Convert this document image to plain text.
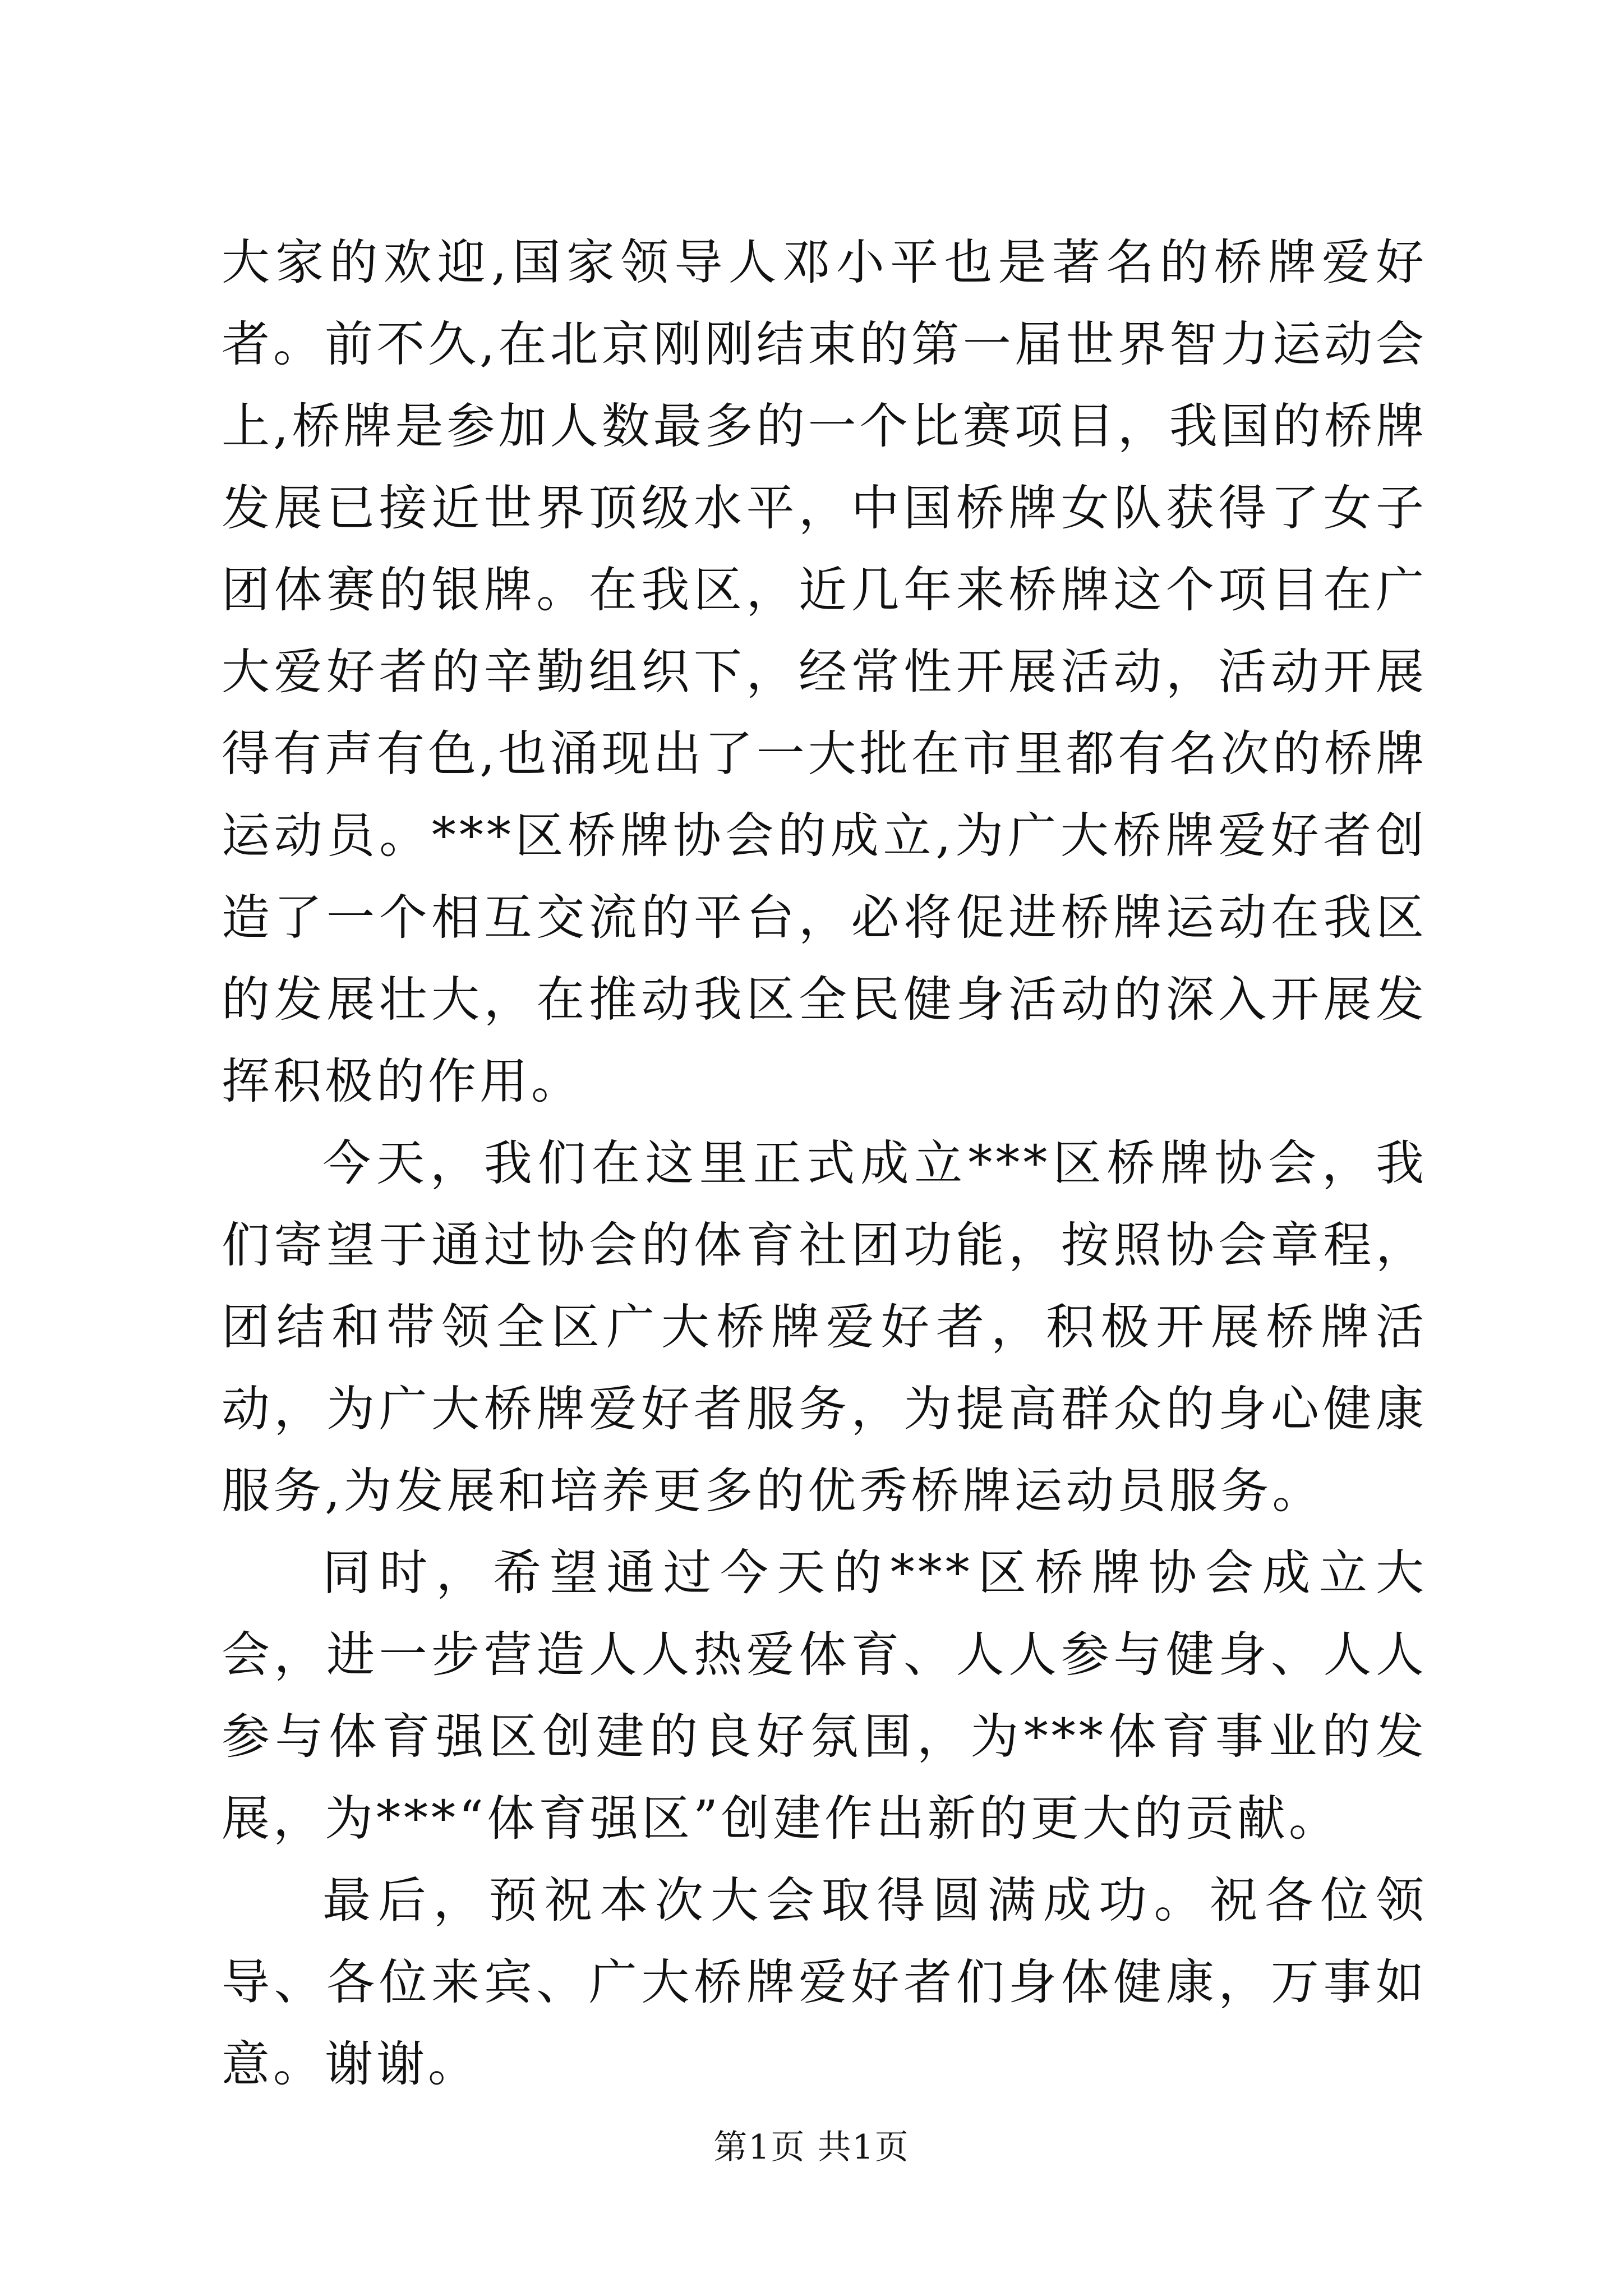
大家的欢迎,国家领导人邓小平也是著名的桥牌爱好者。前不久,在北京刚刚结束的第一届世界智力运动会上,桥牌是参加人数最多的一个比赛项目，我国的桥牌发展已接近世界顶级水平，中国桥牌女队获得了女子团体赛的银牌。在我区，近几年来桥牌这个项目在广大爱好者的辛勤组织下，经常性开展活动，活动开展得有声有色,也涌现出了一大批在市里都有名次的桥牌运动员。***区桥牌协会的成立,为广大桥牌爱好者创造了一个相互交流的平台，必将促进桥牌运动在我区的发展壮大，在推动我区全民健身活动的深入开展发挥积极的作用。

今天，我们在这里正式成立***区桥牌协会，我们寄望于通过协会的体育社团功能，按照协会章程，团结和带领全区广大桥牌爱好者，积极开展桥牌活动，为广大桥牌爱好者服务，为提高群众的身心健康服务,为发展和培养更多的优秀桥牌运动员服务。

同时，希望通过今天的***区桥牌协会成立大会，进一步营造人人热爱体育、人人参与健身、人人参与体育强区创建的良好氛围，为***体育事业的发展，为***“体育强区”创建作出新的更大的贡献。

最后，预祝本次大会取得圆满成功。祝各位领导、各位来宾、广大桥牌爱好者们身体健康，万事如意。谢谢。

第1页 共1页
